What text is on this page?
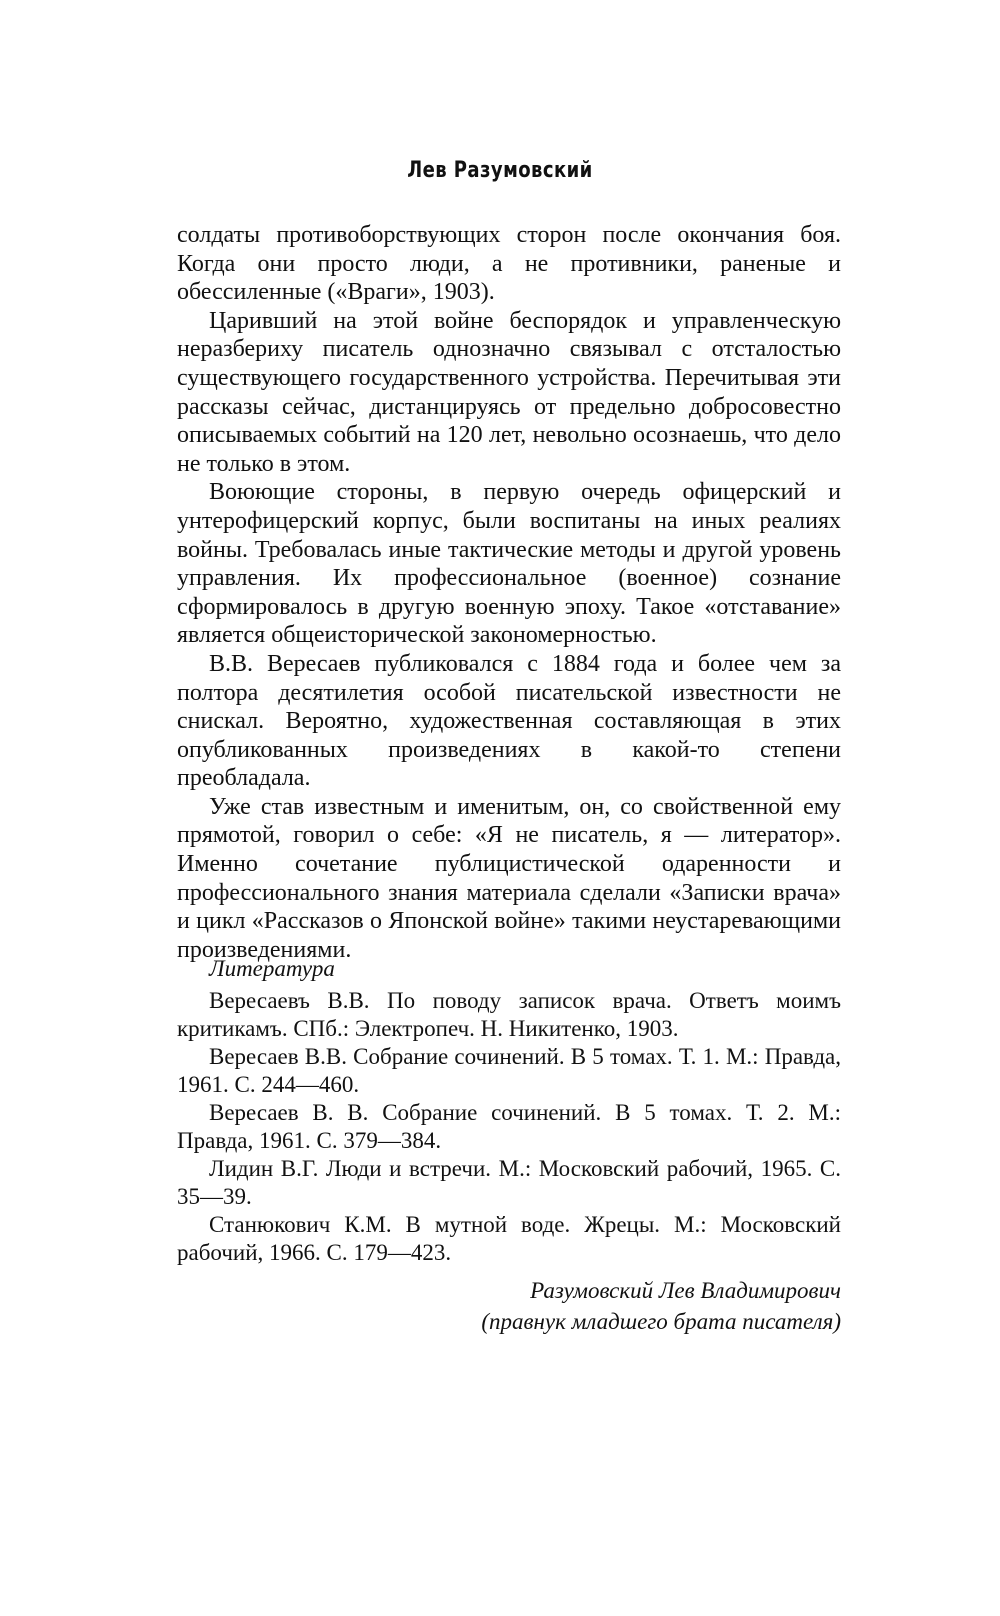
Лев Разумовский

солдаты противоборствующих сторон после окончания боя. Когда они просто люди, а не противники, раненые и обессиленные («Враги», 1903).

Царивший на этой войне беспорядок и управленческую неразбериху писатель однозначно связывал с отсталостью существующего государственного устройства. Перечитывая эти рассказы сейчас, дистанцируясь от предельно добросовестно описываемых событий на 120 лет, невольно осознаешь, что дело не только в этом.

Воюющие стороны, в первую очередь офицерский и унтерофицерский корпус, были воспитаны на иных реалиях войны. Требовалась иные тактические методы и другой уровень управления. Их профессиональное (военное) сознание сформировалось в другую военную эпоху. Такое «отставание» является общеисторической закономерностью.

В.В. Вересаев публиковался с 1884 года и более чем за полтора десятилетия особой писательской известности не снискал. Вероятно, художественная составляющая в этих опубликованных произведениях в какой-то степени преобладала.

Уже став известным и именитым, он, со свойственной ему прямотой, говорил о себе: «Я не писатель, я — литератор». Именно сочетание публицистической одаренности и профессионального знания материала сделали «Записки врача» и цикл «Рассказов о Японской войне» такими неустаревающими произведениями.

Литература

Вересаевъ В.В. По поводу записок врача. Ответъ моимъ критикамъ. СПб.: Электропеч. Н. Никитенко, 1903.

Вересаев В.В. Собрание сочинений. В 5 томах. Т. 1. М.: Правда, 1961. С. 244—460.

Вересаев В. В. Собрание сочинений. В 5 томах. Т. 2. М.: Правда, 1961. С. 379—384.

Лидин В.Г. Люди и встречи. М.: Московский рабочий, 1965. С. 35—39.

Станюкович К.М. В мутной воде. Жрецы. М.: Московский рабочий, 1966. С. 179—423.

Разумовский Лев Владимирович
(правнук младшего брата писателя)
